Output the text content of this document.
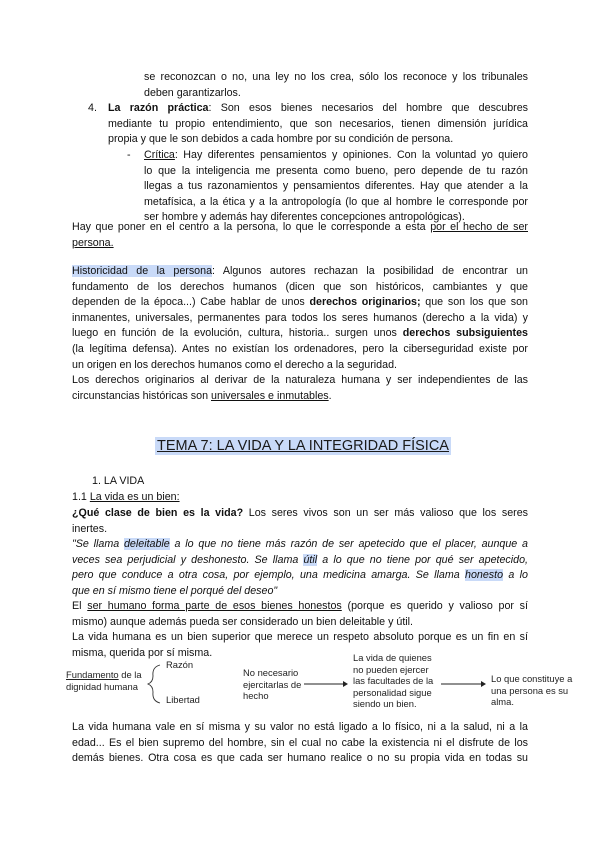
se reconozcan o no, una ley no los crea, sólo los reconoce y los tribunales
deben garantizarlos.
4. La razón práctica: Son esos bienes necesarios del hombre que descubres
mediante tu propio entendimiento, que son necesarios, tienen dimensión jurídica
propia y que le son debidos a cada hombre por su condición de persona.
- Crítica: Hay diferentes pensamientos y opiniones. Con la voluntad yo quiero
lo que la inteligencia me presenta como bueno, pero depende de tu razón
llegas a tus razonamientos y pensamientos diferentes. Hay que atender a la
metafísica, a la ética y a la antropología (lo que al hombre le corresponde por
ser hombre y además hay diferentes concepciones antropológicas).
Hay que poner en el centro a la persona, lo que le corresponde a esta por el hecho de ser
persona.
Historicidad de la persona: Algunos autores rechazan la posibilidad de encontrar un
fundamento de los derechos humanos (dicen que son históricos, cambiantes y que
dependen de la época...) Cabe hablar de unos derechos originarios; que son los que son
inmanentes, universales, permanentes para todos los seres humanos (derecho a la vida) y
luego en función de la evolución, cultura, historia.. surgen unos derechos subsiguientes
(la legítima defensa). Antes no existían los ordenadores, pero la ciberseguridad existe por
un origen en los derechos humanos como el derecho a la seguridad.
Los derechos originarios al derivar de la naturaleza humana y ser independientes de las
circunstancias históricas son universales e inmutables.
TEMA 7: LA VIDA Y LA INTEGRIDAD FÍSICA
1. LA VIDA
1.1 La vida es un bien:
¿Qué clase de bien es la vida? Los seres vivos son un ser más valioso que los seres
inertes.
"Se llama deleitable a lo que no tiene más razón de ser apetecido que el placer, aunque a
veces sea perjudicial y deshonesto. Se llama útil a lo que no tiene por qué ser apetecido,
pero que conduce a otra cosa, por ejemplo, una medicina amarga. Se llama honesto a lo
que en sí mismo tiene el porqué del deseo"
El ser humano forma parte de esos bienes honestos (porque es querido y valioso por sí
mismo) aunque además pueda ser considerado un bien deleitable y útil.
La vida humana es un bien superior que merece un respeto absoluto porque es un fin en sí
misma, querida por sí misma.
Fundamento de la
dignidad humana
Razón
Libertad
No necesario
ejercitarlas de
hecho
La vida de quienes
no pueden ejercer
las facultades de la
personalidad sigue
siendo un bien.
Lo que constituye a
una persona es su
alma.
La vida humana vale en sí misma y su valor no está ligado a lo físico, ni a la salud, ni a la
edad... Es el bien supremo del hombre, sin el cual no cabe la existencia ni el disfrute de los
demás bienes. Otra cosa es que cada ser humano realice o no su propia vida en todas su
